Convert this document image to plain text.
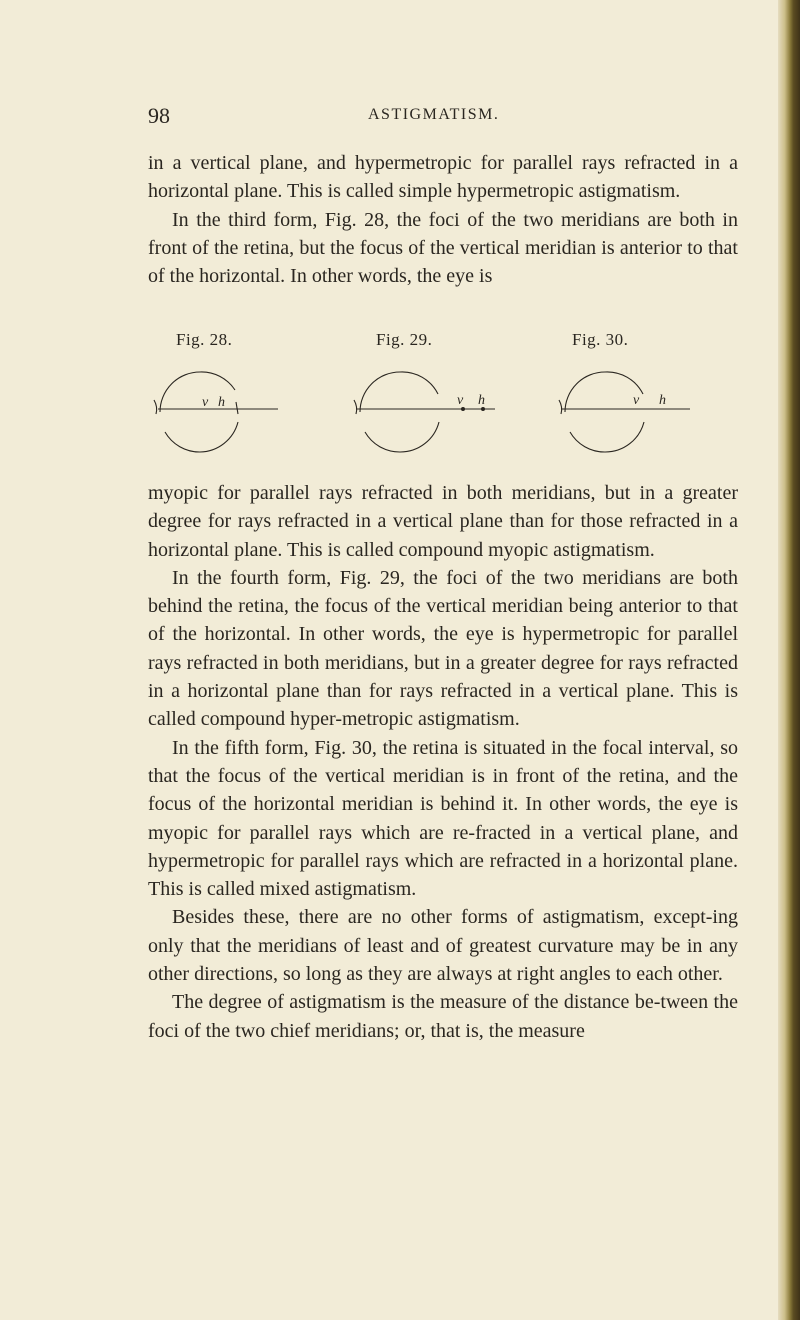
98	ASTIGMATISM.

in a vertical plane, and hypermetropic for parallel rays refracted in a horizontal plane. This is called simple hypermetropic astigmatism.

In the third form, Fig. 28, the foci of the two meridians are both in front of the retina, but the focus of the vertical meridian is anterior to that of the horizontal. In other words, the eye is

Fig. 28.
v h
Fig. 29.
v h
Fig. 30.
v h

myopic for parallel rays refracted in both meridians, but in a greater degree for rays refracted in a vertical plane than for those refracted in a horizontal plane. This is called compound myopic astigmatism.

In the fourth form, Fig. 29, the foci of the two meridians are both behind the retina, the focus of the vertical meridian being anterior to that of the horizontal. In other words, the eye is hypermetropic for parallel rays refracted in both meridians, but in a greater degree for rays refracted in a horizontal plane than for rays refracted in a vertical plane. This is called compound hyper-metropic astigmatism.

In the fifth form, Fig. 30, the retina is situated in the focal interval, so that the focus of the vertical meridian is in front of the retina, and the focus of the horizontal meridian is behind it. In other words, the eye is myopic for parallel rays which are re-fracted in a vertical plane, and hypermetropic for parallel rays which are refracted in a horizontal plane. This is called mixed astigmatism.

Besides these, there are no other forms of astigmatism, except-ing only that the meridians of least and of greatest curvature may be in any other directions, so long as they are always at right angles to each other.

The degree of astigmatism is the measure of the distance be-tween the foci of the two chief meridians; or, that is, the measure
